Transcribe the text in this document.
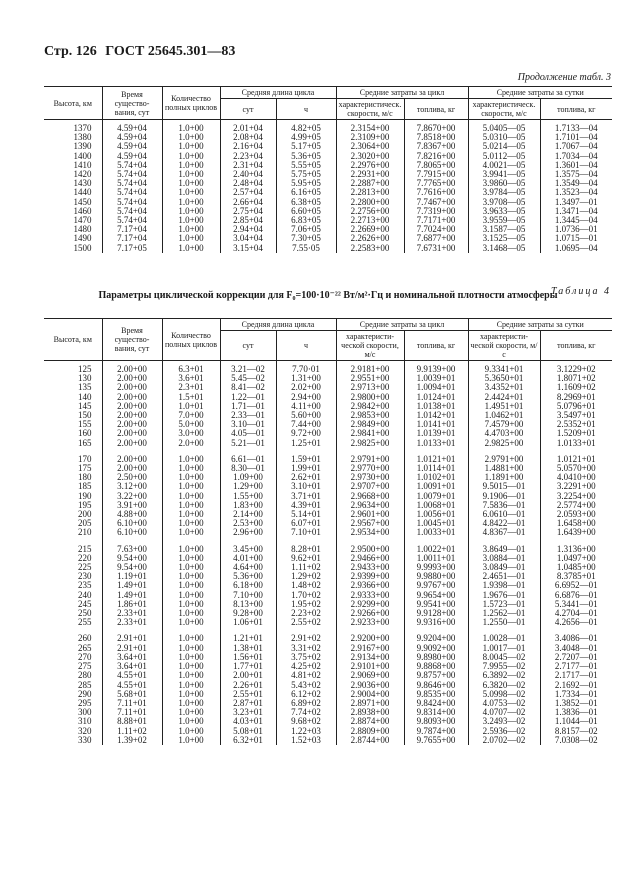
Стр. 126 ГОСТ 25645.301—83
Продолжение табл. 3
Высота, км	Время существо-вания, сут	Количество полных циклов	Средняя длина цикла		Средние затраты за цикл		Средние затраты за сутки	
			сут	ч	характеристическ. скорости, м/с	топлива, кг	характеристическ. скорости, м/с	топлива, кг
1370	4.59+04	1.0+00	2.01+04	4.82+05	2.3154+00	7.8670+00	5.0405—05	1.7133—04
1380	4.59+04	1.0+00	2.08+04	4.99+05	2.3109+00	7.8518+00	5.0310—05	1.7101—04
1390	4.59+04	1.0+00	2.16+04	5.17+05	2.3064+00	7.8367+00	5.0214—05	1.7067—04
1400	4.59+04	1.0+00	2.23+04	5.36+05	2.3020+00	7.8216+00	5.0112—05	1.7034—04
1410	5.74+04	1.0+00	2.31+04	5.55+05	2.2976+00	7.8065+00	4.0021—05	1.3601—04
1420	5.74+04	1.0+00	2.40+04	5.75+05	2.2931+00	7.7915+00	3.9941—05	1.3575—04
1430	5.74+04	1.0+00	2.48+04	5.95+05	2.2887+00	7.7765+00	3.9860—05	1.3549—04
1440	5.74+04	1.0+00	2.57+04	6.16+05	2.2813+00	7.7616+00	3.9784—05	1.3523—04
1450	5.74+04	1.0+00	2.66+04	6.38+05	2.2800+00	7.7467+00	3.9708—05	1.3497—01
1460	5.74+04	1.0+00	2.75+04	6.60+05	2.2756+00	7.7319+00	3.9633—05	1.3471—04
1470	5.74+04	1.0+00	2.85+04	6.83+05	2.2713+00	7.7171+00	3.9559—05	1.3445—04
1480	7.17+04	1.0+00	2.94+04	7.06+05	2.2669+00	7.7024+00	3.1587—05	1.0736—01
1490	7.17+04	1.0+00	3.04+04	7.30+05	2.2626+00	7.6877+00	3.1525—05	1.0715—01
1500	7.17+05	1.0+00	3.15+04	7.55·05	2.2583+00	7.6731+00	3.1468—05	1.0695—04
Таблица 4
Параметры циклической коррекции для F₀=100·10⁻²² Вт/м²·Гц и номинальной плотности атмосферы
Высота, км	Время существо-вания, сут	Количество полных циклов	Средняя длина цикла		Средние затраты за цикл		Средние затраты за сутки	
			сут	ч	характеристи-ческой скорости, м/с	топлива, кг	характеристи-ческой скорости, м/с	топлива, кг
125	2.00+00	6.3+01	3.21—02	7.70·01	2.9181+00	9.9139+00	9.3341+01	3.1229+02
130	2.00+00	3.6+01	5.45—02	1.31+00	2.9551+00	1.0039+01	5.3650+01	1.8071+02
135	2.00+00	2.3+01	8.41—02	2.02+00	2.9713+00	1.0094+01	3.4352+01	1.1609+02
140	2.00+00	1.5+01	1.22—01	2.94+00	2.9800+00	1.0124+01	2.4424+01	8.2969+01
145	2.00+00	1.0+01	1.71—01	4.11+00	2.9842+00	1.0138+01	1.4951+01	5.0796+01
150	2.00+00	7.0+00	2.33—01	5.60+00	2.9853+00	1.0142+01	1.0462+01	3.5497+01
155	2.00+00	5.0+00	3.10—01	7.44+00	2.9849+00	1.0141+01	7.4579+00	2.5352+01
160	2.00+00	3.0+00	4.05—01	9.72+00	2.9841+00	1.0139+01	4.4703+00	1.5209+01
165	2.00+00	2.0+00	5.21—01	1.25+01	2.9825+00	1.0133+01	2.9825+00	1.0133+01

170	2.00+00	1.0+00	6.61—01	1.59+01	2.9791+00	1.0121+01	2.9791+00	1.0121+01
175	2.00+00	1.0+00	8.30—01	1.99+01	2.9770+00	1.0114+01	1.4881+00	5.0570+00
180	2.50+00	1.0+00	1.09+00	2.62+01	2.9730+00	1.0102+01	1.1891+00	4.0410+00
185	3.12+00	1.0+00	1.29+00	3.10+01	2.9707+00	1.0091+01	9.5015—01	3.2291+00
190	3.22+00	1.0+00	1.55+00	3.71+01	2.9668+00	1.0079+01	9.1906—01	3.2254+00
195	3.91+00	1.0+00	1.83+00	4.39+01	2.9634+00	1.0068+01	7.5836—01	2.5774+00
200	4.88+00	1.0+00	2.14+00	5.14+01	2.9601+00	1.0056+01	6.0610—01	2.0593+00
205	6.10+00	1.0+00	2.53+00	6.07+01	2.9567+00	1.0045+01	4.8422—01	1.6458+00
210	6.10+00	1.0+00	2.96+00	7.10+01	2.9534+00	1.0033+01	4.8367—01	1.6439+00

215	7.63+00	1.0+00	3.45+00	8.28+01	2.9500+00	1.0022+01	3.8649—01	1.3136+00
220	9.54+00	1.0+00	4.01+00	9.62+01	2.9466+00	1.0011+01	3.0884—01	1.0497+00
225	9.54+00	1.0+00	4.64+00	1.11+02	2.9433+00	9.9993+00	3.0849—01	1.0485+00
230	1.19+01	1.0+00	5.36+00	1.29+02	2.9399+00	9.9880+00	2.4651—01	8.3785+01
235	1.49+01	1.0+00	6.18+00	1.48+02	2.9366+00	9.9767+00	1.9398—01	6.6952—01
240	1.49+01	1.0+00	7.10+00	1.70+02	2.9333+00	9.9654+00	1.9676—01	6.6876—01
245	1.86+01	1.0+00	8.13+00	1.95+02	2.9299+00	9.9541+00	1.5723—01	5.3441—01
250	2.33+01	1.0+00	9.28+00	2.23+02	2.9266+00	9.9128+00	1.2562—01	4.2704—01
255	2.33+01	1.0+00	1.06+01	2.55+02	2.9233+00	9.9316+00	1.2550—01	4.2656—01

260	2.91+01	1.0+00	1.21+01	2.91+02	2.9200+00	9.9204+00	1.0028—01	3.4086—01
265	2.91+01	1.0+00	1.38+01	3.31+02	2.9167+00	9.9092+00	1.0017—01	3.4048—01
270	3.64+01	1.0+00	1.56+01	3.75+02	2.9134+00	9.8980+00	8.0045—02	2.7207—01
275	3.64+01	1.0+00	1.77+01	4.25+02	2.9101+00	9.8868+00	7.9955—02	2.7177—01
280	4.55+01	1.0+00	2.00+01	4.81+02	2.9069+00	9.8757+00	6.3892—02	2.1717—01
285	4.55+01	1.0+00	2.26+01	5.43+02	2.9036+00	9.8646+00	6.3820—02	2.1692—01
290	5.68+01	1.0+00	2.55+01	6.12+02	2.9004+00	9.8535+00	5.0998—02	1.7334—01
295	7.11+01	1.0+00	2.87+01	6.89+02	2.8971+00	9.8424+00	4.0753—02	1.3852—01
300	7.11+01	1.0+00	3.23+01	7.74+02	2.8938+00	9.8314+00	4.0707—02	1.3836—01
310	8.88+01	1.0+00	4.03+01	9.68+02	2.8874+00	9.8093+00	3.2493—02	1.1044—01
320	1.11+02	1.0+00	5.08+01	1.22+03	2.8809+00	9.7874+00	2.5936—02	8.8157—02
330	1.39+02	1.0+00	6.32+01	1.52+03	2.8744+00	9.7655+00	2.0702—02	7.0308—02
